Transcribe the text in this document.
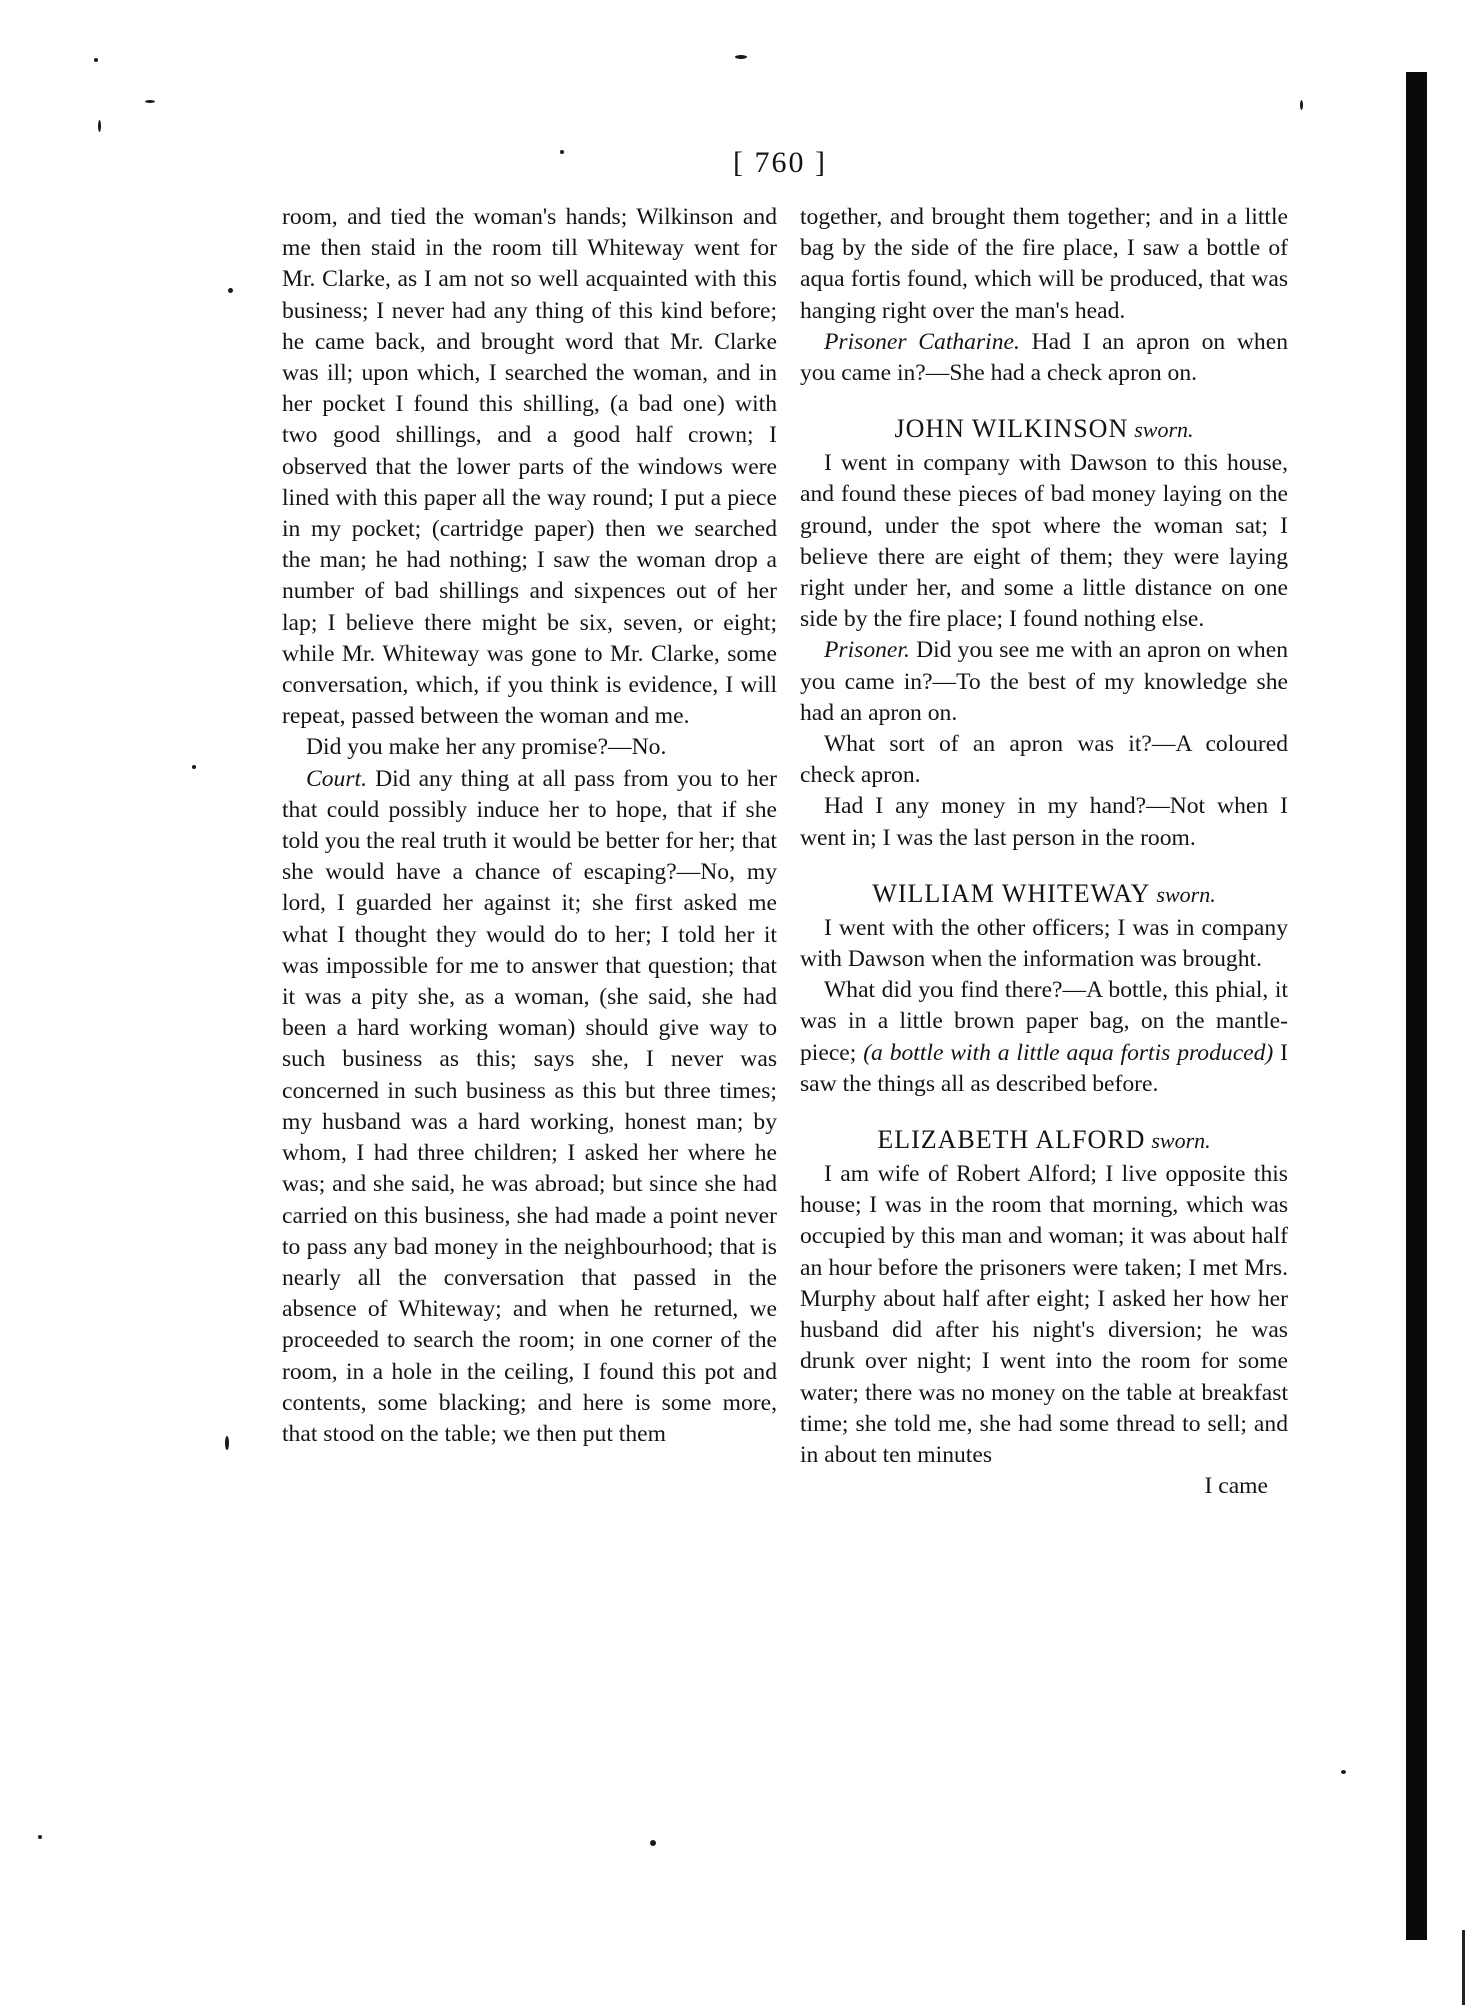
[ 760 ]

room, and tied the woman's hands; Wilkinson and me then staid in the room till Whiteway went for Mr. Clarke, as I am not so well acquainted with this business; I never had any thing of this kind before; he came back, and brought word that Mr. Clarke was ill; upon which, I searched the woman, and in her pocket I found this shilling, (a bad one) with two good shillings, and a good half crown; I observed that the lower parts of the windows were lined with this paper all the way round; I put a piece in my pocket; (cartridge paper) then we searched the man; he had nothing; I saw the woman drop a number of bad shillings and sixpences out of her lap; I believe there might be six, seven, or eight; while Mr. Whiteway was gone to Mr. Clarke, some conversation, which, if you think is evidence, I will repeat, passed between the woman and me.

Did you make her any promise?—No.

Court. Did any thing at all pass from you to her that could possibly induce her to hope, that if she told you the real truth it would be better for her; that she would have a chance of escaping?—No, my lord, I guarded her against it; she first asked me what I thought they would do to her; I told her it was impossible for me to answer that question; that it was a pity she, as a woman, (she said, she had been a hard working woman) should give way to such business as this; says she, I never was concerned in such business as this but three times; my husband was a hard working, honest man; by whom, I had three children; I asked her where he was; and she said, he was abroad; but since she had carried on this business, she had made a point never to pass any bad money in the neighbourhood; that is nearly all the conversation that passed in the absence of Whiteway; and when he returned, we proceeded to search the room; in one corner of the room, in a hole in the ceiling, I found this pot and contents, some blacking; and here is some more, that stood on the table; we then put them

together, and brought them together; and in a little bag by the side of the fire place, I saw a bottle of aqua fortis found, which will be produced, that was hanging right over the man's head.

Prisoner Catharine. Had I an apron on when you came in?—She had a check apron on.

JOHN WILKINSON sworn.

I went in company with Dawson to this house, and found these pieces of bad money laying on the ground, under the spot where the woman sat; I believe there are eight of them; they were laying right under her, and some a little distance on one side by the fire place; I found nothing else.

Prisoner. Did you see me with an apron on when you came in?—To the best of my knowledge she had an apron on.

What sort of an apron was it?—A coloured check apron.

Had I any money in my hand?—Not when I went in; I was the last person in the room.

WILLIAM WHITEWAY sworn.

I went with the other officers; I was in company with Dawson when the information was brought.

What did you find there?—A bottle, this phial, it was in a little brown paper bag, on the mantle-piece; (a bottle with a little aqua fortis produced) I saw the things all as described before.

ELIZABETH ALFORD sworn.

I am wife of Robert Alford; I live opposite this house; I was in the room that morning, which was occupied by this man and woman; it was about half an hour before the prisoners were taken; I met Mrs. Murphy about half after eight; I asked her how her husband did after his night's diversion; he was drunk over night; I went into the room for some water; there was no money on the table at breakfast time; she told me, she had some thread to sell; and in about ten minutes

I came
